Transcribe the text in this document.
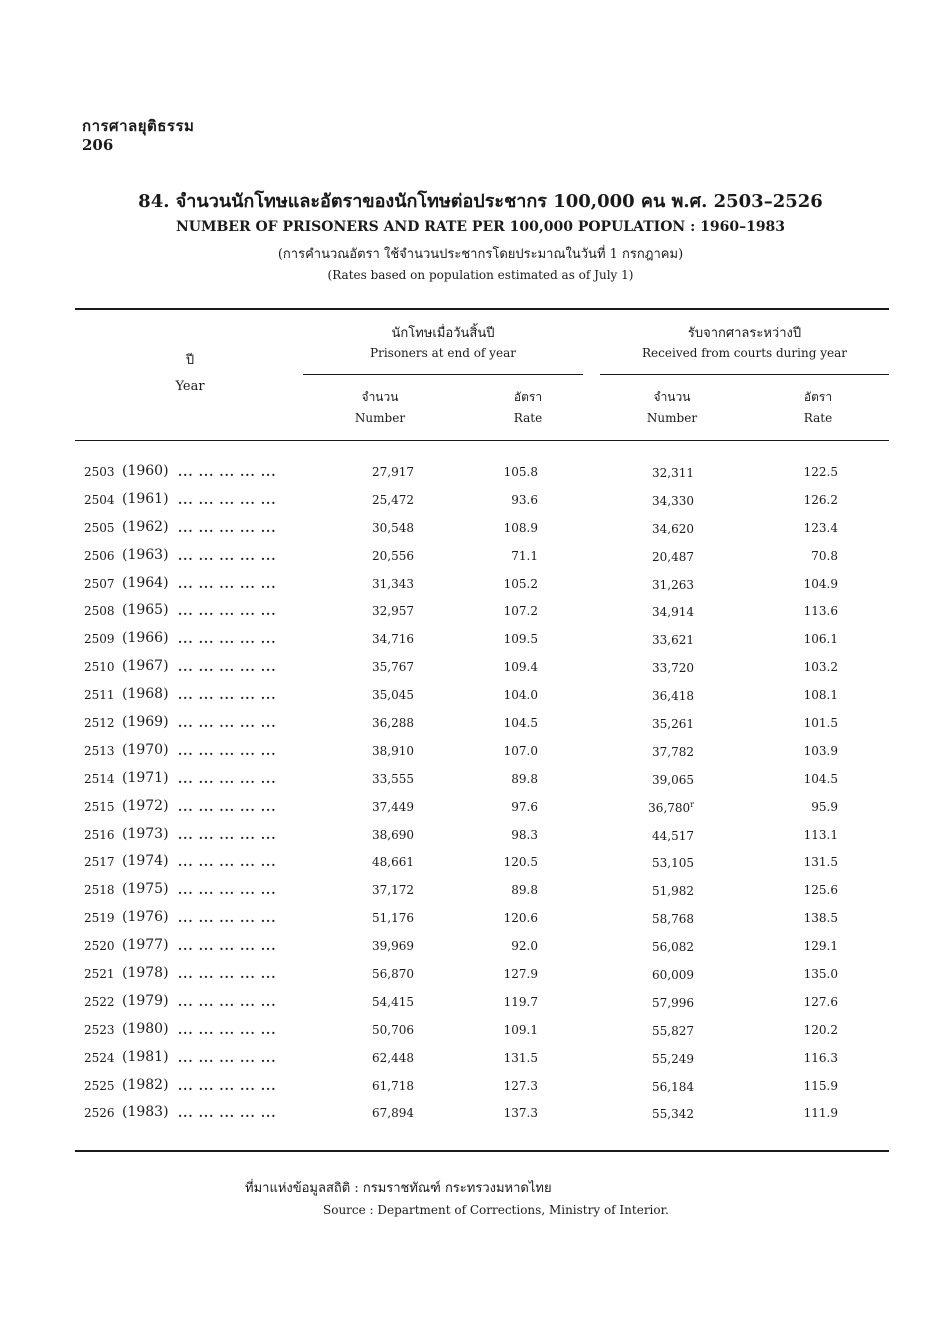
การศาลยุติธรรม
206
84. จำนวนนักโทษและอัตราของนักโทษต่อประชากร 100,000 คน พ.ศ. 2503–2526
NUMBER OF PRISONERS AND RATE PER 100,000 POPULATION : 1960–1983
(การคำนวณอัตรา ใช้จำนวนประชากรโดยประมาณในวันที่ 1 กรกฎาคม)
(Rates based on population estimated as of July 1)
ปี
Year
นักโทษเมื่อวันสิ้นปี
Prisoners at end of year
รับจากศาลระหว่างปี
Received from courts during year
จำนวน
Number
อัตรา
Rate
จำนวน
Number
อัตรา
Rate
2503 (1960) ... ... ... ... ...	27,917	105.8	32,311	122.5
2504 (1961) ... ... ... ... ...	25,472	93.6	34,330	126.2
2505 (1962) ... ... ... ... ...	30,548	108.9	34,620	123.4
2506 (1963) ... ... ... ... ...	20,556	71.1	20,487	70.8
2507 (1964) ... ... ... ... ...	31,343	105.2	31,263	104.9
2508 (1965) ... ... ... ... ...	32,957	107.2	34,914	113.6
2509 (1966) ... ... ... ... ...	34,716	109.5	33,621	106.1
2510 (1967) ... ... ... ... ...	35,767	109.4	33,720	103.2
2511 (1968) ... ... ... ... ...	35,045	104.0	36,418	108.1
2512 (1969) ... ... ... ... ...	36,288	104.5	35,261	101.5
2513 (1970) ... ... ... ... ...	38,910	107.0	37,782	103.9
2514 (1971) ... ... ... ... ...	33,555	89.8	39,065	104.5
2515 (1972) ... ... ... ... ...	37,449	97.6	36,780$^r$	95.9
2516 (1973) ... ... ... ... ...	38,690	98.3	44,517	113.1
2517 (1974) ... ... ... ... ...	48,661	120.5	53,105	131.5
2518 (1975) ... ... ... ... ...	37,172	89.8	51,982	125.6
2519 (1976) ... ... ... ... ...	51,176	120.6	58,768	138.5
2520 (1977) ... ... ... ... ...	39,969	92.0	56,082	129.1
2521 (1978) ... ... ... ... ...	56,870	127.9	60,009	135.0
2522 (1979) ... ... ... ... ...	54,415	119.7	57,996	127.6
2523 (1980) ... ... ... ... ...	50,706	109.1	55,827	120.2
2524 (1981) ... ... ... ... ...	62,448	131.5	55,249	116.3
2525 (1982) ... ... ... ... ...	61,718	127.3	56,184	115.9
2526 (1983) ... ... ... ... ...	67,894	137.3	55,342	111.9
ที่มาแห่งข้อมูลสถิติ : กรมราชทัณฑ์ กระทรวงมหาดไทย
Source : Department of Corrections, Ministry of Interior.
